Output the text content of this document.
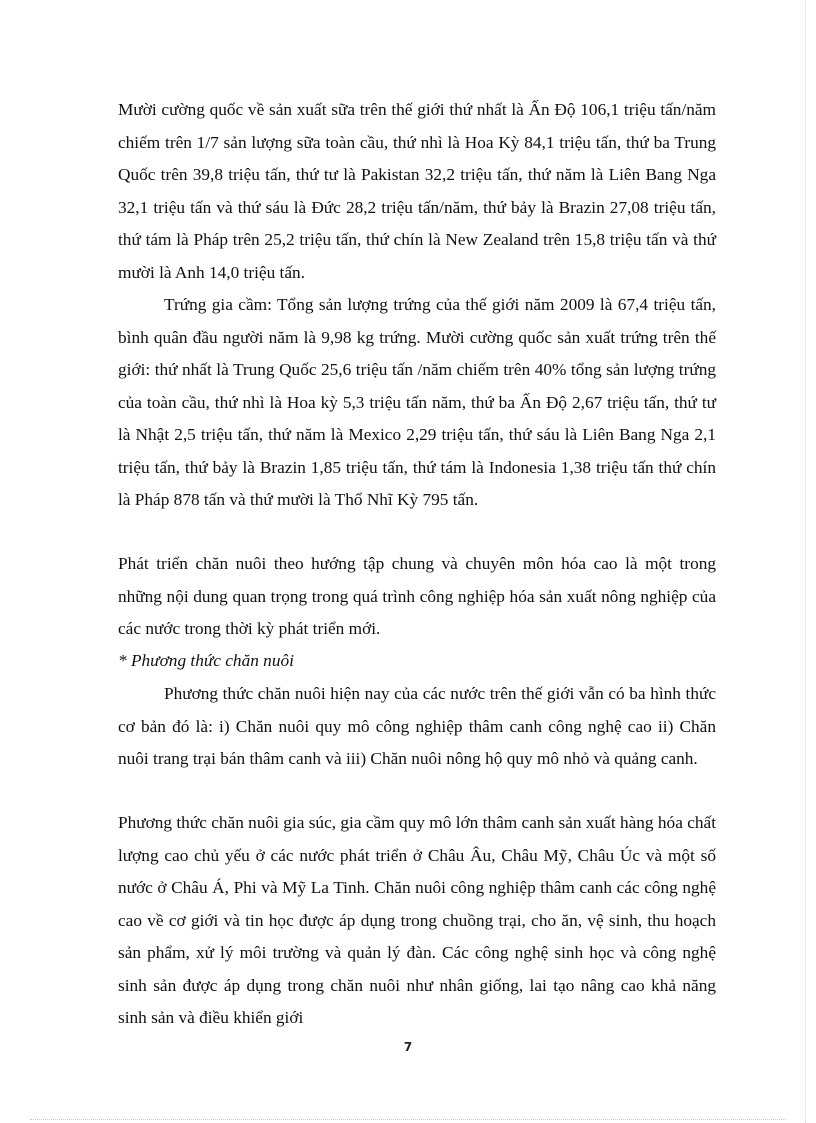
Mười cường quốc về sản xuất sữa trên thế giới thứ nhất là Ấn Độ 106,1 triệu tấn/năm chiếm trên 1/7 sản lượng sữa toàn cầu, thứ nhì là Hoa Kỳ 84,1 triệu tấn, thứ ba Trung Quốc trên 39,8 triệu tấn, thứ tư là Pakistan 32,2 triệu tấn, thứ năm là Liên Bang Nga 32,1 triệu tấn và thứ sáu là Đức 28,2 triệu tấn/năm, thứ bảy là Brazin 27,08 triệu tấn, thứ tám là Pháp trên 25,2 triệu tấn, thứ chín là New Zealand trên 15,8 triệu tấn và thứ mười là Anh 14,0 triệu tấn.

Trứng gia cầm: Tổng sản lượng trứng của thế giới năm 2009 là 67,4 triệu tấn, bình quân đầu người năm là 9,98 kg trứng. Mười cường quốc sản xuất trứng trên thế giới: thứ nhất là Trung Quốc 25,6 triệu tấn /năm chiếm trên 40% tổng sản lượng trứng của toàn cầu, thứ nhì là Hoa kỳ 5,3 triệu tấn năm, thứ ba Ấn Độ 2,67 triệu tấn, thứ tư là Nhật 2,5 triệu tấn, thứ năm là Mexico 2,29 triệu tấn, thứ sáu là Liên Bang Nga 2,1 triệu tấn, thứ bảy là Brazin 1,85 triệu tấn, thứ tám là Indonesia 1,38 triệu tấn thứ chín là Pháp 878 tấn và thứ mười là Thổ Nhĩ Kỳ 795 tấn.

Phát triển chăn nuôi theo hướng tập chung và chuyên môn hóa cao là một trong những nội dung quan trọng trong quá trình công nghiệp hóa sản xuất nông nghiệp của các nước trong thời kỳ phát triển mới.

* Phương thức chăn nuôi

Phương thức chăn nuôi hiện nay của các nước trên thế giới vẫn có ba hình thức cơ bản đó là: i) Chăn nuôi quy mô công nghiệp thâm canh công nghệ cao ii) Chăn nuôi trang trại bán thâm canh và iii) Chăn nuôi nông hộ quy mô nhỏ và quảng canh.

Phương thức chăn nuôi gia súc, gia cầm quy mô lớn thâm canh sản xuất hàng hóa chất lượng cao chủ yếu ở các nước phát triển ở Châu Âu, Châu Mỹ, Châu Úc và một số nước ở Châu Á, Phi và Mỹ La Tinh. Chăn nuôi công nghiệp thâm canh các công nghệ cao về cơ giới và tin học được áp dụng trong chuồng trại, cho ăn, vệ sinh, thu hoạch sản phẩm, xử lý môi trường và quản lý đàn. Các công nghệ sinh học và công nghệ sinh sản được áp dụng trong chăn nuôi như nhân giống, lai tạo nâng cao khả năng sinh sản và điều khiển giới

7
